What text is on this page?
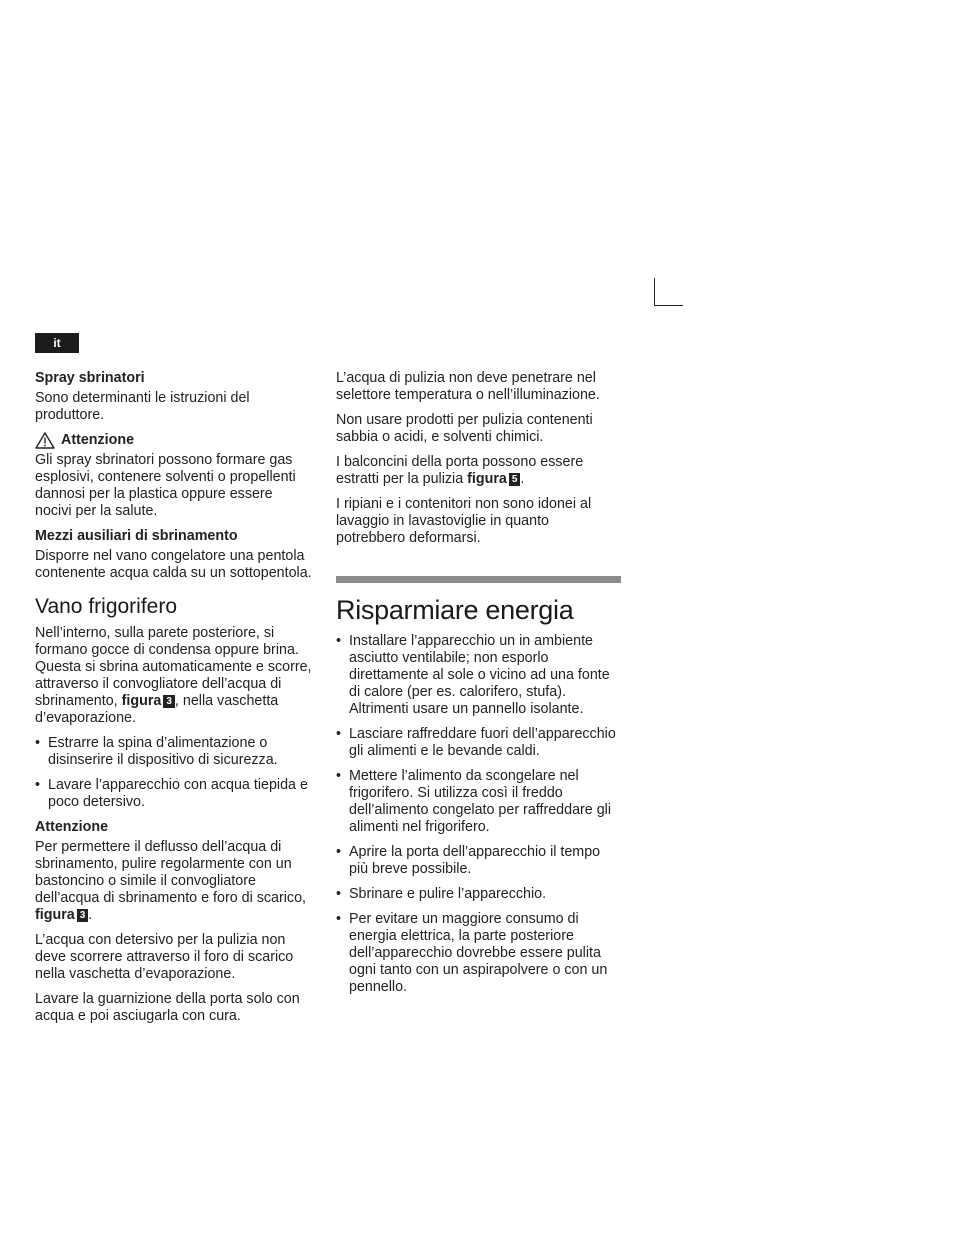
it
Spray sbrinatori

Sono determinanti le istruzioni del produttore.

Attenzione

Gli spray sbrinatori possono formare gas esplosivi, contenere solventi o propellenti dannosi per la plastica oppure essere nocivi per la salute.

Mezzi ausiliari di sbrinamento

Disporre nel vano congelatore una pentola contenente acqua calda su un sottopentola.

Vano frigorifero

Nell’interno, sulla parete posteriore, si formano gocce di condensa oppure brina. Questa si sbrina automaticamente e scorre, attraverso il convogliatore dell’acqua di sbrinamento, figura 3 , nella vaschetta d’evaporazione.

• Estrarre la spina d’alimentazione o disinserire il dispositivo di sicurezza.
• Lavare l’apparecchio con acqua tiepida e poco detersivo.
Attenzione

Per permettere il deflusso dell’acqua di sbrinamento, pulire regolarmente con un bastoncino o simile il convogliatore dell’acqua di sbrinamento e foro di scarico, figura 3 .

L’acqua con detersivo per la pulizia non deve scorrere attraverso il foro di scarico nella vaschetta d’evaporazione.

Lavare la guarnizione della porta solo con acqua e poi asciugarla con cura.

L’acqua di pulizia non deve penetrare nel selettore temperatura o nell’illuminazione.

Non usare prodotti per pulizia contenenti sabbia o acidi, e solventi chimici.

I balconcini della porta possono essere estratti per la pulizia figura 5 .

I ripiani e i contenitori non sono idonei al lavaggio in lavastoviglie in quanto potrebbero deformarsi.

Risparmiare energia
• Installare l’apparecchio un in ambiente asciutto ventilabile; non esporlo direttamente al sole o vicino ad una fonte di calore (per es. calorifero, stufa). Altrimenti usare un pannello isolante.
• Lasciare raffreddare fuori dell’apparecchio gli alimenti e le bevande caldi.
• Mettere l’alimento da scongelare nel frigorifero. Si utilizza così il freddo dell’alimento congelato per raffreddare gli alimenti nel frigorifero.
• Aprire la porta dell’apparecchio il tempo più breve possibile.
• Sbrinare e pulire l’apparecchio.
• Per evitare un maggiore consumo di energia elettrica, la parte posteriore dell’apparecchio dovrebbe essere pulita ogni tanto con un aspirapolvere o con un pennello.
